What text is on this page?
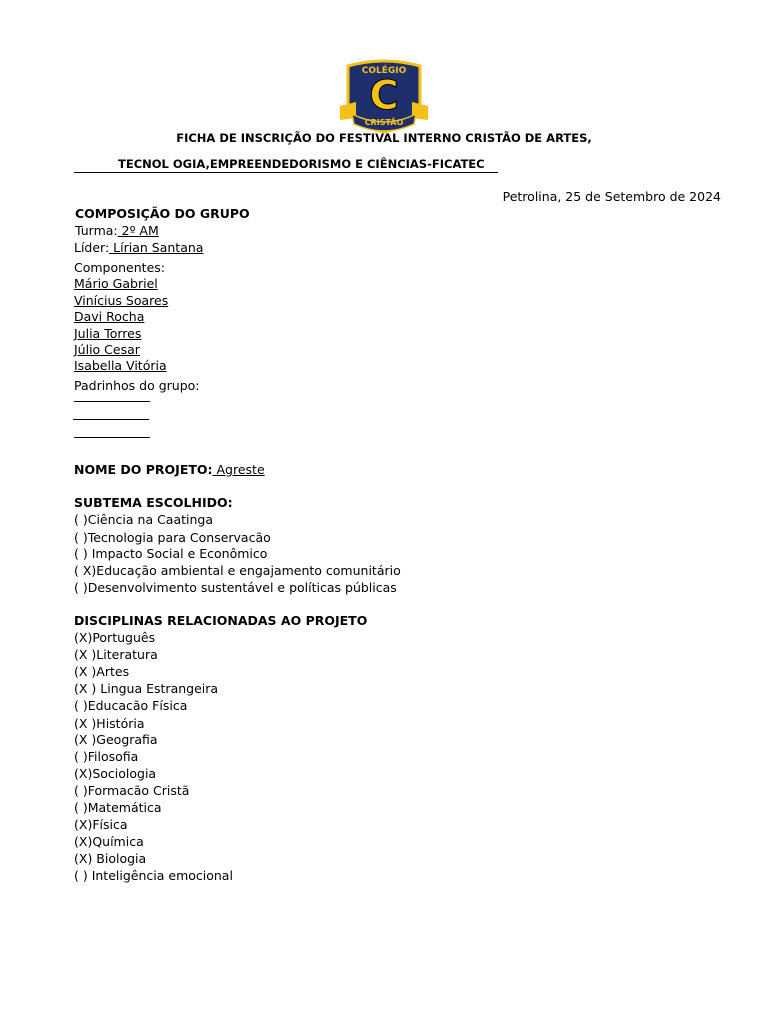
COLÉGIO
C
CRISTÃO
FICHA DE INSCRIÇÃO DO FESTIVAL INTERNO CRISTÃO DE ARTES,
TECNOL OGIA,EMPREENDEDORISMO E CIÊNCIAS-FICATEC
Petrolina, 25 de Setembro de 2024
COMPOSIÇÃO DO GRUPO
Turma: 2º AM
Líder: Lírian Santana
Componentes:
Mário Gabriel
Vinícius Soares
Davi Rocha
Julia Torres
Júlio Cesar
Isabella Vitória
Padrinhos do grupo:
NOME DO PROJETO: Agreste
SUBTEMA ESCOLHIDO:
( )Ciência na Caatinga
( )Tecnologia para Conservacão
( ) Impacto Social e Econômico
( X)Educação ambiental e engajamento comunitário
( )Desenvolvimento sustentável e políticas públicas
DISCIPLINAS RELACIONADAS AO PROJETO
(X)Português
(X )Literatura
(X )Artes
(X ) Lingua Estrangeira
( )Educacão Física
(X )História
(X )Geografia
( )Filosofia
(X)Sociologia
( )Formacão Cristã
( )Matemática
(X)Física
(X)Química
(X) Biologia
( ) Inteligência emocional
